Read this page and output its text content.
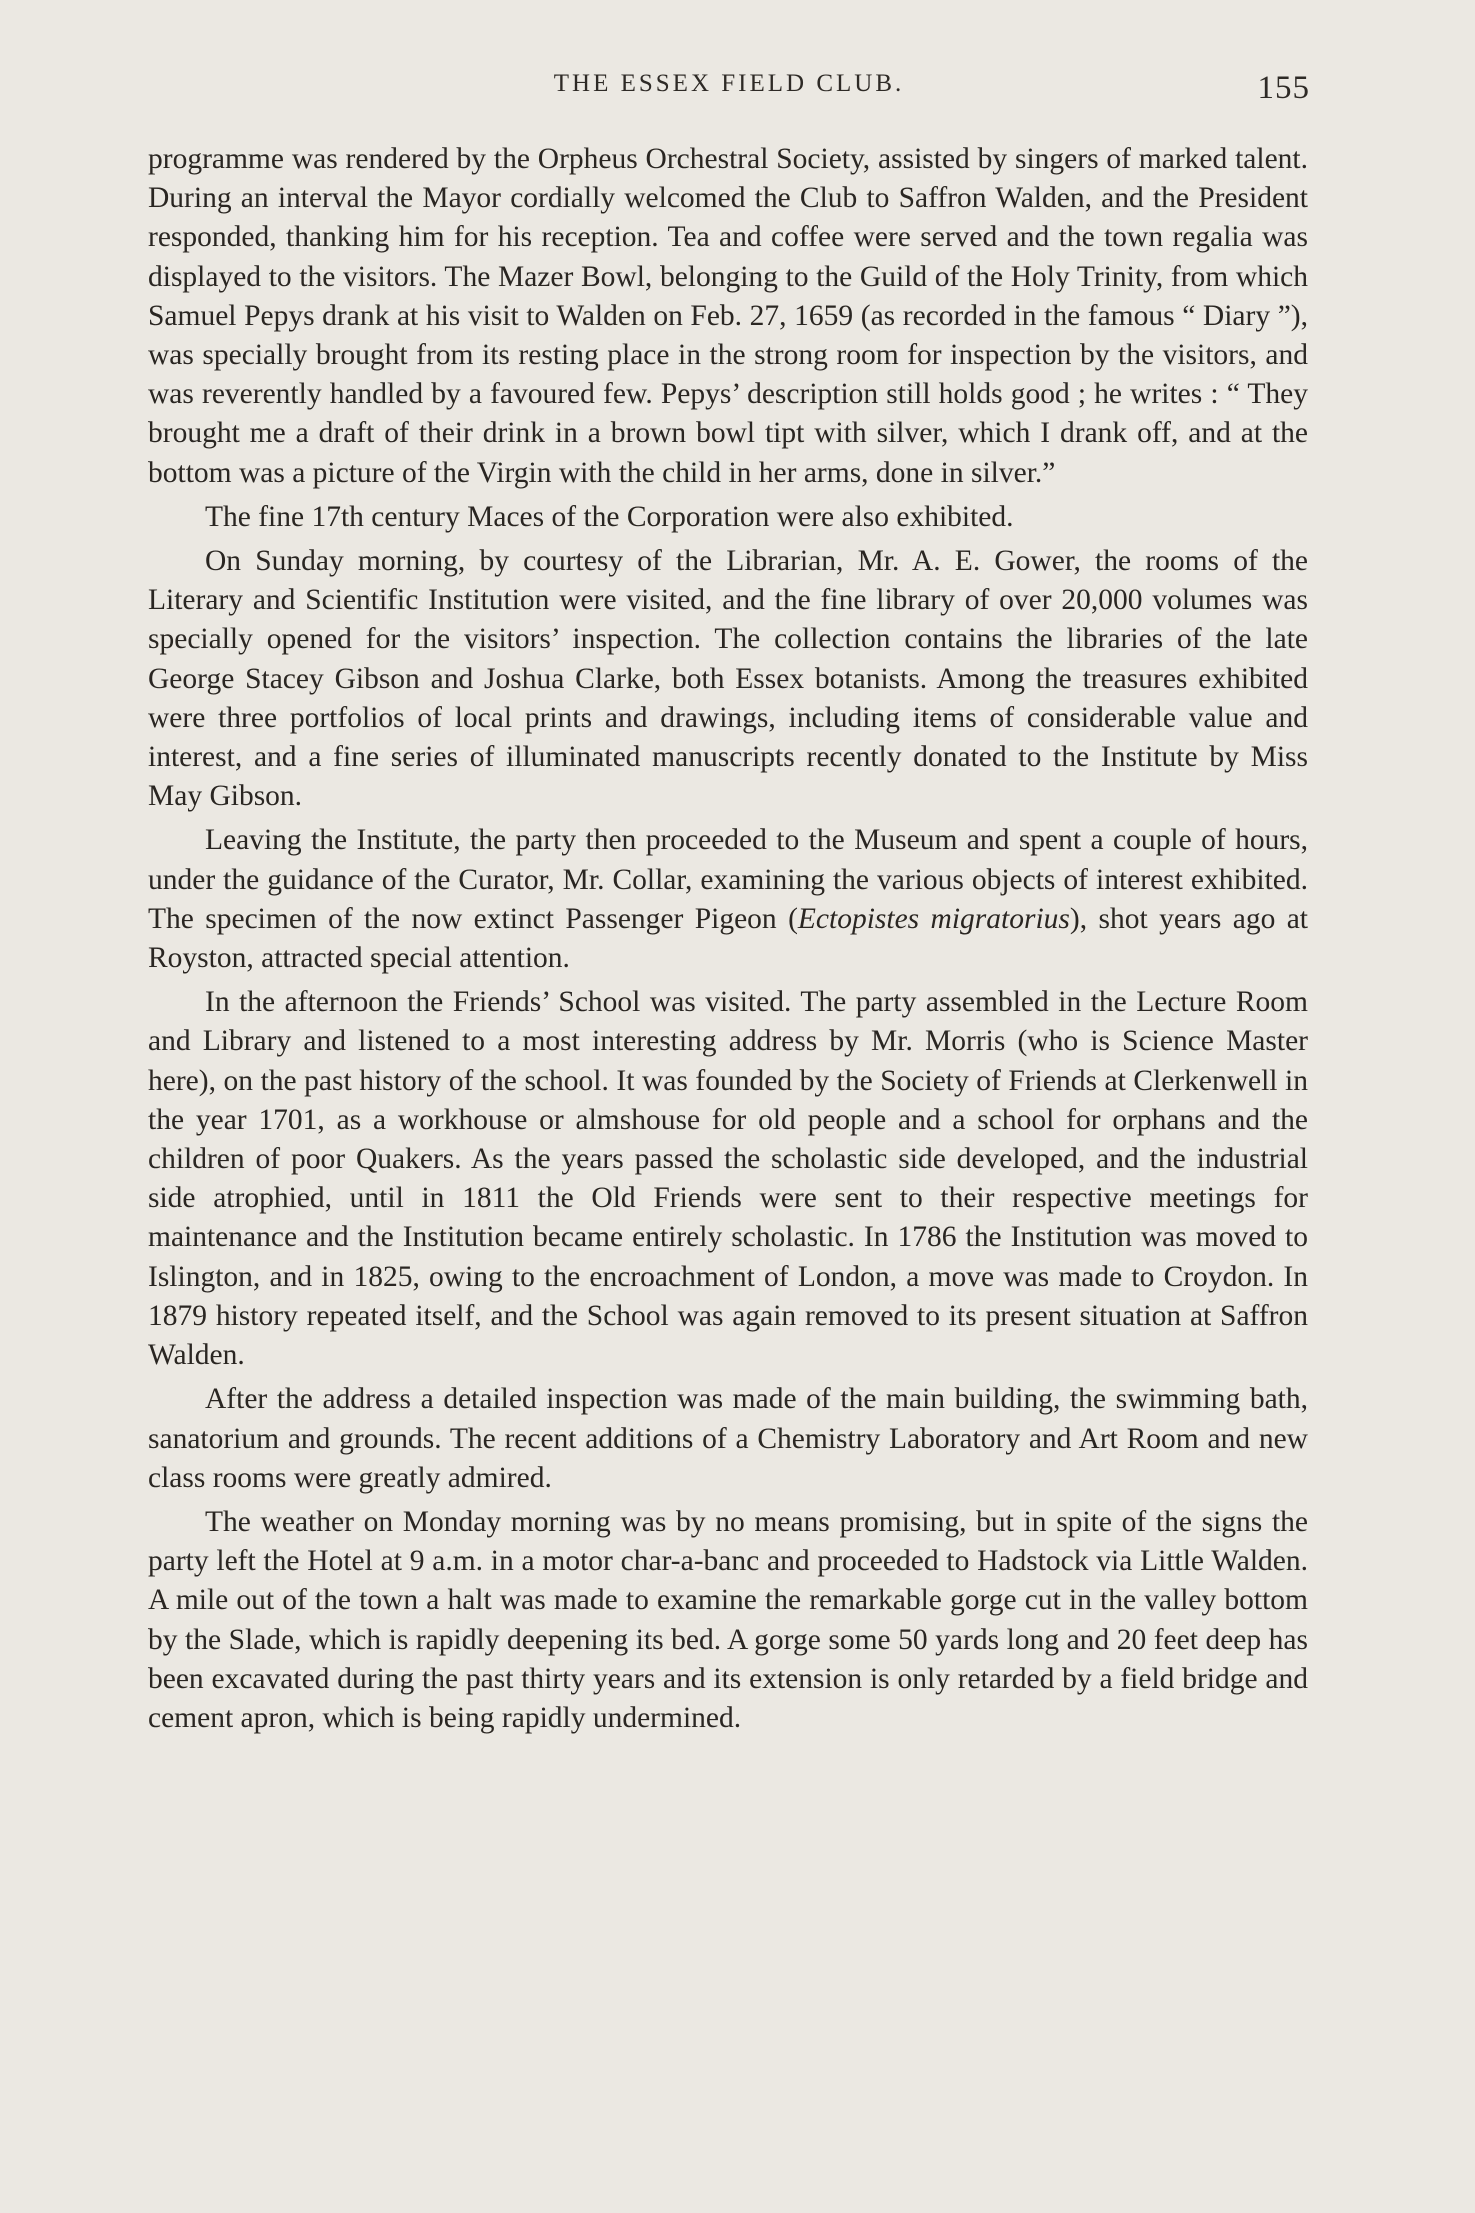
THE ESSEX FIELD CLUB.	155

programme was rendered by the Orpheus Orchestral Society, assisted by singers of marked talent. During an interval the Mayor cordially welcomed the Club to Saffron Walden, and the President responded, thanking him for his reception. Tea and coffee were served and the town regalia was displayed to the visitors. The Mazer Bowl, belonging to the Guild of the Holy Trinity, from which Samuel Pepys drank at his visit to Walden on Feb. 27, 1659 (as recorded in the famous “ Diary ”), was specially brought from its resting place in the strong room for inspection by the visitors, and was reverently handled by a favoured few. Pepys’ description still holds good ; he writes : “ They brought me a draft of their drink in a brown bowl tipt with silver, which I drank off, and at the bottom was a picture of the Virgin with the child in her arms, done in silver.”

The fine 17th century Maces of the Corporation were also exhibited.

On Sunday morning, by courtesy of the Librarian, Mr. A. E. Gower, the rooms of the Literary and Scientific Institution were visited, and the fine library of over 20,000 volumes was specially opened for the visitors’ inspection. The collection contains the libraries of the late George Stacey Gibson and Joshua Clarke, both Essex botanists. Among the treasures exhibited were three portfolios of local prints and drawings, including items of considerable value and interest, and a fine series of illuminated manuscripts recently donated to the Institute by Miss May Gibson.

Leaving the Institute, the party then proceeded to the Museum and spent a couple of hours, under the guidance of the Curator, Mr. Collar, examining the various objects of interest exhibited. The specimen of the now extinct Passenger Pigeon (Ectopistes migratorius), shot years ago at Royston, attracted special attention.

In the afternoon the Friends’ School was visited. The party assembled in the Lecture Room and Library and listened to a most interesting address by Mr. Morris (who is Science Master here), on the past history of the school. It was founded by the Society of Friends at Clerkenwell in the year 1701, as a workhouse or almshouse for old people and a school for orphans and the children of poor Quakers. As the years passed the scholastic side developed, and the industrial side atrophied, until in 1811 the Old Friends were sent to their respective meetings for maintenance and the Institution became entirely scholastic. In 1786 the Institution was moved to Islington, and in 1825, owing to the encroachment of London, a move was made to Croydon. In 1879 history repeated itself, and the School was again removed to its present situation at Saffron Walden.

After the address a detailed inspection was made of the main building, the swimming bath, sanatorium and grounds. The recent additions of a Chemistry Laboratory and Art Room and new class rooms were greatly admired.

The weather on Monday morning was by no means promising, but in spite of the signs the party left the Hotel at 9 a.m. in a motor char-a-banc and proceeded to Hadstock via Little Walden. A mile out of the town a halt was made to examine the remarkable gorge cut in the valley bottom by the Slade, which is rapidly deepening its bed. A gorge some 50 yards long and 20 feet deep has been excavated during the past thirty years and its extension is only retarded by a field bridge and cement apron, which is being rapidly undermined.
